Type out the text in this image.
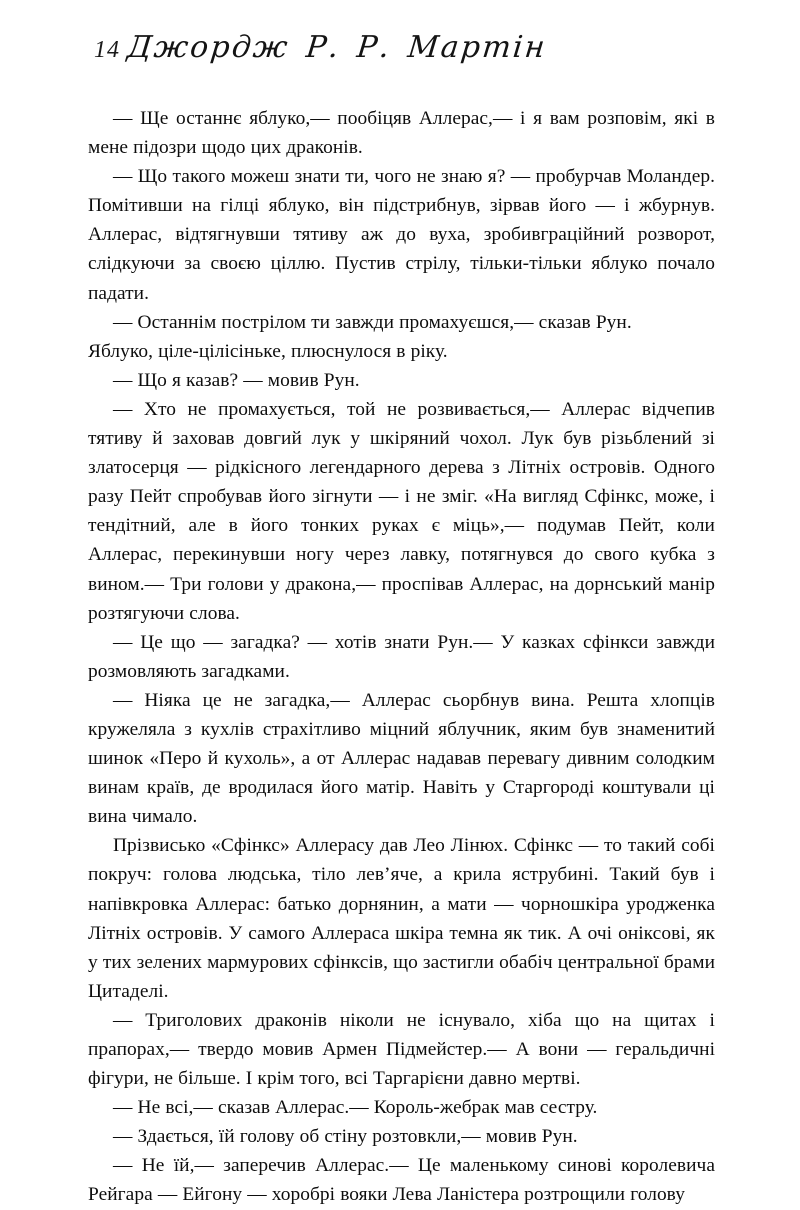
14 Джордж Р. Р. Мартін

— Ще останнє яблуко,— пообіцяв Аллерас,— і я вам розповім, які в мене підозри щодо цих драконів.

— Що такого можеш знати ти, чого не знаю я? — пробурчав Моландер. Помітивши на гілці яблуко, він підстрибнув, зірвав його — і жбурнув. Аллерас, відтягнувши тятиву аж до вуха, зробивграційний розворот, слідкуючи за своєю ціллю. Пустив стрілу, тільки-тільки яблуко почало падати.

— Останнім пострілом ти завжди промахуєшся,— сказав Рун.

Яблуко, ціле-цілісіньке, плюснулося в ріку.

— Що я казав? — мовив Рун.

— Хто не промахується, той не розвивається,— Аллерас відчепив тятиву й заховав довгий лук у шкіряний чохол. Лук був різьблений зі златосерця — рідкісного легендарного дерева з Літніх островів. Одного разу Пейт спробував його зігнути — і не зміг. «На вигляд Сфінкс, може, і тендітний, але в його тонких руках є міць»,— подумав Пейт, коли Аллерас, перекинувши ногу через лавку, потягнувся до свого кубка з вином.— Три голови у дракона,— проспівав Аллерас, на дорнський манір розтягуючи слова.

— Це що — загадка? — хотів знати Рун.— У казках сфінкси завжди розмовляють загадками.

— Ніяка це не загадка,— Аллерас сьорбнув вина. Решта хлопців кружеляла з кухлів страхітливо міцний яблучник, яким був знаменитий шинок «Перо й кухоль», а от Аллерас надавав перевагу дивним солодким винам країв, де вродилася його матір. Навіть у Старгороді коштували ці вина чимало.

Прізвисько «Сфінкс» Аллерасу дав Лео Лінюх. Сфінкс — то такий собі покруч: голова людська, тіло лев’яче, а крила яструбині. Такий був і напівкровка Аллерас: батько дорнянин, а мати — чорношкіра уродженка Літніх островів. У самого Аллераса шкіра темна як тик. А очі оніксові, як у тих зелених мармурових сфінксів, що застигли обабіч центральної брами Цитаделі.

— Триголових драконів ніколи не існувало, хіба що на щитах і прапорах,— твердо мовив Армен Підмейстер.— А вони — геральдичні фігури, не більше. І крім того, всі Таргарієни давно мертві.

— Не всі,— сказав Аллерас.— Король-жебрак мав сестру.

— Здається, їй голову об стіну розтовкли,— мовив Рун.

— Не їй,— заперечив Аллерас.— Це маленькому синові королевича Рейгара — Ейгону — хоробрі вояки Лева Ланістера розтрощили голову
